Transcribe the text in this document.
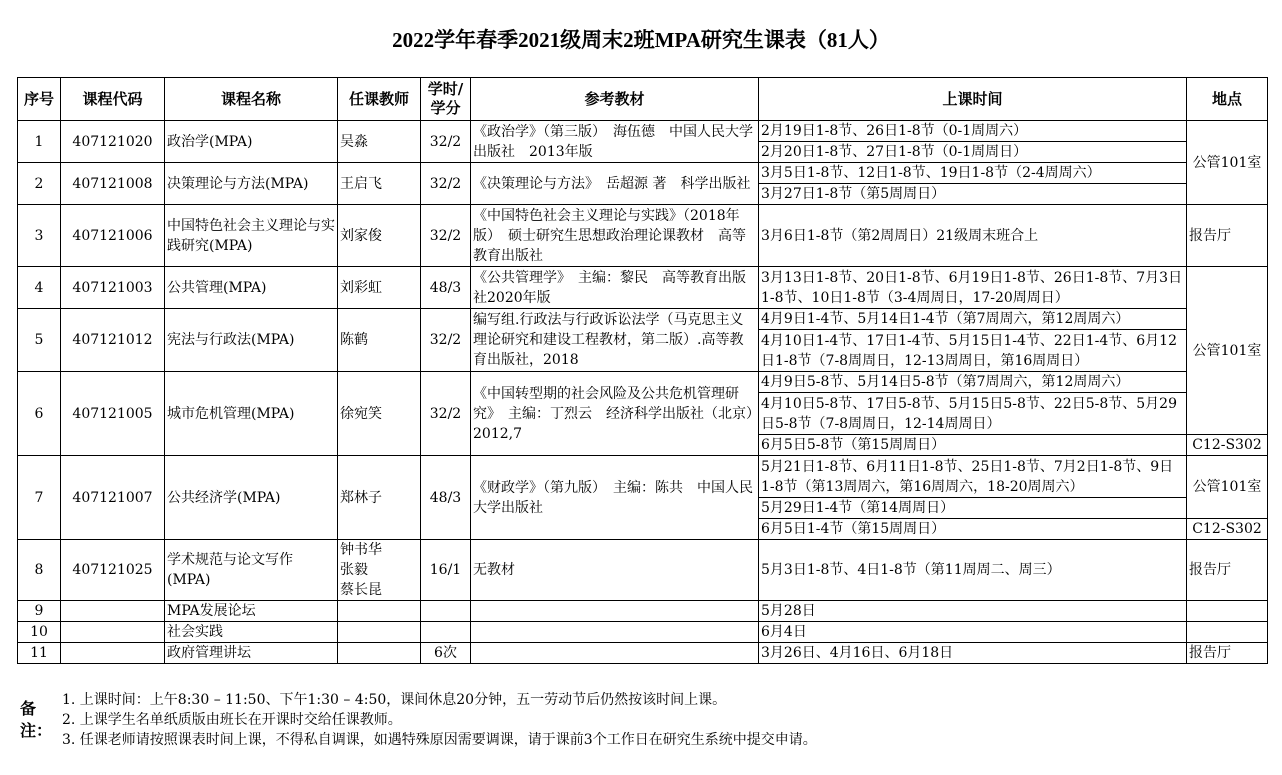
2022学年春季2021级周末2班MPA研究生课表（81人）
序号	课程代码	课程名称	任课教师	学时/
学分	参考教材	上课时间	地点
1	407121020	政治学(MPA)	吴淼	32/2	《政治学》（第三版）　海伍德　中国人民大学出版社　2013年版	2月19日1-8节、26日1-8节（0-1周周六）	公管101室
						2月20日1-8节、27日1-8节（0-1周周日）	
2	407121008	决策理论与方法(MPA)	王启飞	32/2	《决策理论与方法》　岳超源 著　科学出版社	3月5日1-8节、12日1-8节、19日1-8节（2-4周周六）	
						3月27日1-8节（第5周周日）	
3	407121006	中国特色社会主义理论与实践研究(MPA)	刘家俊	32/2	《中国特色社会主义理论与实践》（2018年版）　硕士研究生思想政治理论课教材　高等教育出版社	3月6日1-8节（第2周周日）21级周末班合上	报告厅
4	407121003	公共管理(MPA)	刘彩虹	48/3	《公共管理学》　主编：黎民　高等教育出版社2020年版	3月13日1-8节、20日1-8节、6月19日1-8节、26日1-8节、7月3日1-8节、10日1-8节（3-4周周日，17-20周周日）	公管101室
5	407121012	宪法与行政法(MPA)	陈鹤	32/2	编写组.行政法与行政诉讼法学（马克思主义理论研究和建设工程教材，第二版）.高等教育出版社，2018	4月9日1-4节、5月14日1-4节（第7周周六，第12周周六）	
						4月10日1-4节、17日1-4节、5月15日1-4节、22日1-4节、6月12日1-8节（7-8周周日，12-13周周日，第16周周日）	
6	407121005	城市危机管理(MPA)	徐宛笑	32/2	《中国转型期的社会风险及公共危机管理研究》　主编：丁烈云　经济科学出版社（北京）　2012,7	4月9日5-8节、5月14日5-8节（第7周周六，第12周周六）	
						4月10日5-8节、17日5-8节、5月15日5-8节、22日5-8节、5月29日5-8节（7-8周周日，12-14周周日）	
						6月5日5-8节（第15周周日）	C12-S302
7	407121007	公共经济学(MPA)	郑林子	48/3	《财政学》（第九版）　主编：陈共　中国人民大学出版社	5月21日1-8节、6月11日1-8节、25日1-8节、7月2日1-8节、9日1-8节（第13周周六，第16周周六，18-20周周六）	公管101室
						5月29日1-4节（第14周周日）	
						6月5日1-4节（第15周周日）	C12-S302
8	407121025	学术规范与论文写作(MPA)	钟书华
张毅
蔡长昆	16/1	无教材	5月3日1-8节、4日1-8节（第11周周二、周三）	报告厅
9		MPA发展论坛				5月28日	
10		社会实践				6月4日	
11		政府管理讲坛		6次		3月26日、4月16日、6月18日	报告厅
备注：
1. 上课时间：上午8:30 – 11:50、下午1:30 – 4:50，课间休息20分钟，五一劳动节后仍然按该时间上课。
2. 上课学生名单纸质版由班长在开课时交给任课教师。
3. 任课老师请按照课表时间上课，不得私自调课，如遇特殊原因需要调课，请于课前3个工作日在研究生系统中提交申请。
